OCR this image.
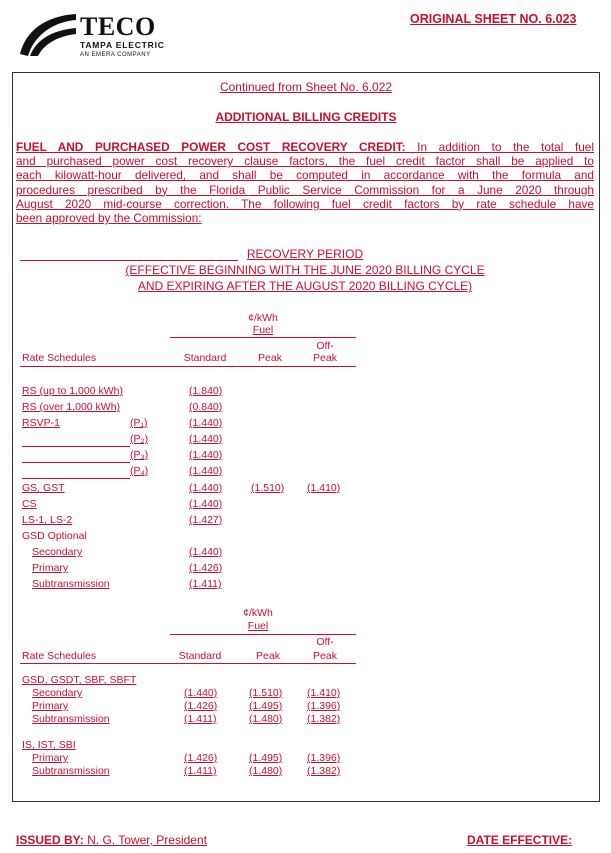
TECO
TAMPA ELECTRIC
AN EMERA COMPANY
ORIGINAL SHEET NO. 6.023
Continued from Sheet No. 6.022
ADDITIONAL BILLING CREDITS
FUEL AND PURCHASED POWER COST RECOVERY CREDIT: In addition to the total fuel
and purchased power cost recovery clause factors, the fuel credit factor shall be applied to
each kilowatt-hour delivered, and shall be computed in accordance with the formula and
procedures prescribed by the Florida Public Service Commission for a June 2020 through
August 2020 mid-course correction. The following fuel credit factors by rate schedule have
been approved by the Commission:
RECOVERY PERIOD
(EFFECTIVE BEGINNING WITH THE JUNE 2020 BILLING CYCLE
AND EXPIRING AFTER THE AUGUST 2020 BILLING CYCLE)
¢/kWh
Fuel
Off-
Rate Schedules	Standard	Peak	Peak
RS (up to 1,000 kWh)	(1.840)
RS (over 1,000 kWh)	(0.840)
RSVP-1	(P₁)	(1.440)
(P₂)	(1.440)
(P₃)	(1.440)
(P₄)	(1.440)
GS, GST	(1.440)	(1.510) (1.410)
CS	(1.440)
LS-1, LS-2	(1.427)
GSD Optional
Secondary	(1.440)
Primary	(1.426)
Subtransmission	(1.411)
¢/kWh
Fuel
Off-
Rate Schedules	Standard	Peak	Peak
GSD, GSDT, SBF, SBFT
Secondary	(1.440)	(1.510) (1.410)
Primary	(1.426)	(1.495) (1.396)
Subtransmission	(1.411)	(1.480) (1.382)
IS, IST, SBI
Primary	(1.426)	(1.495) (1.396)
Subtransmission	(1.411)	(1.480) (1.382)
ISSUED BY: N. G. Tower, President	DATE EFFECTIVE:
